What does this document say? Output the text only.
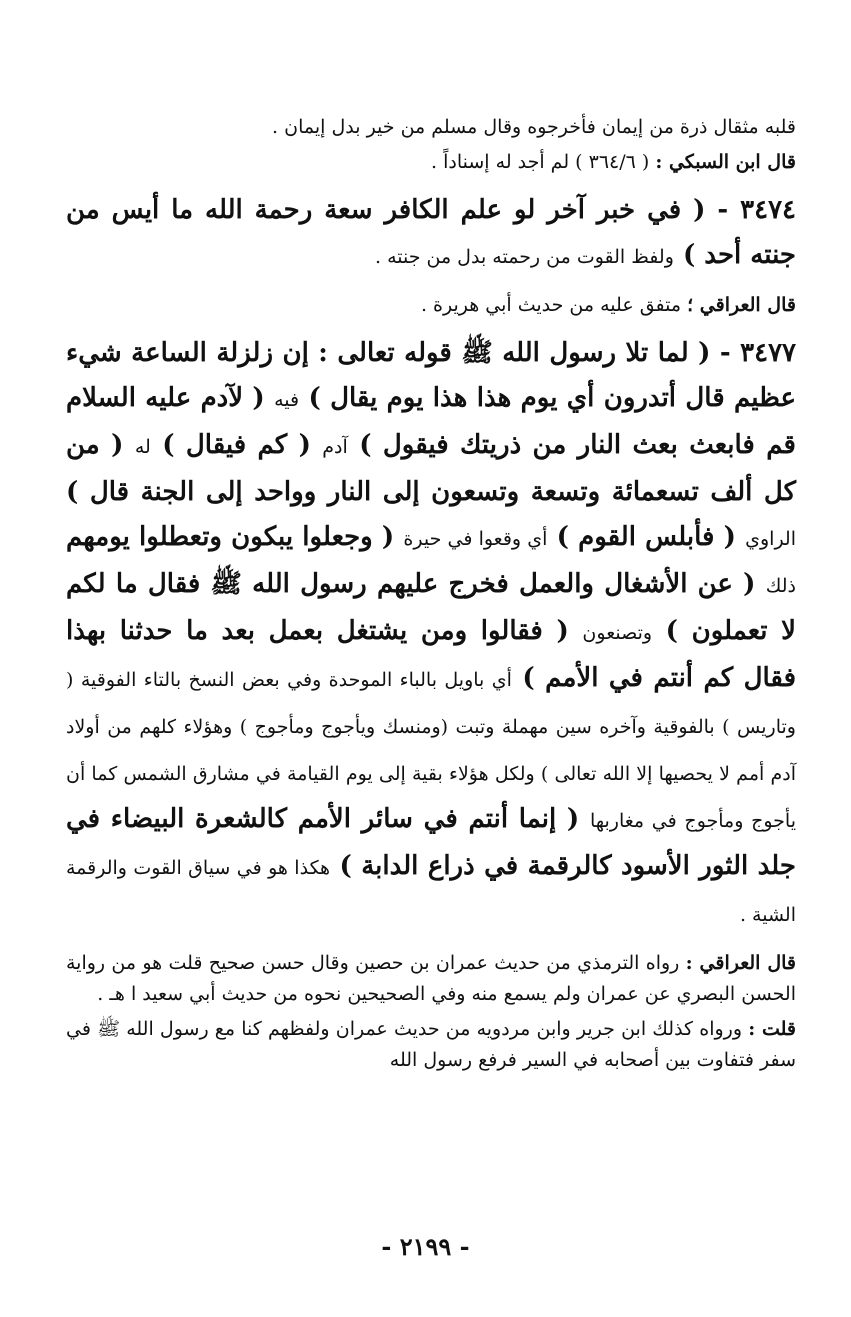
قلبه مثقال ذرة من إيمان فأخرجوه وقال مسلم من خير بدل إيمان .

قال ابن السبكي : ( ٣٦٤/٦ ) لم أجد له إسناداً .

٣٤٧٤ - ( في خبر آخر لو علم الكافر سعة رحمة الله ما أيس من جنته أحد ) ولفظ القوت من رحمته بدل من جنته .

قال العراقي ؛ متفق عليه من حديث أبي هريرة .

٣٤٧٧ - ( لما تلا رسول الله ﷺ قوله تعالى : إن زلزلة الساعة شيء عظيم قال أتدرون أي يوم هذا هذا يوم يقال ) فيه ( لآدم عليه السلام قم فابعث بعث النار من ذريتك فيقول ) آدم ( كم فيقال ) له ( من كل ألف تسعمائة وتسعة وتسعون إلى النار وواحد إلى الجنة قال ) الراوي ( فأبلس القوم ) أي وقعوا في حيرة ( وجعلوا يبكون وتعطلوا يومهم ذلك ( عن الأشغال والعمل فخرج عليهم رسول الله ﷺ فقال ما لكم لا تعملون ) وتصنعون ( فقالوا ومن يشتغل بعمل بعد ما حدثنا بهذا فقال كم أنتم في الأمم ) أي باويل بالباء الموحدة وفي بعض النسخ بالتاء الفوقية ( وتاريس ) بالفوقية وآخره سين مهملة وتبت (ومنسك ويأجوج ومأجوج ) وهؤلاء كلهم من أولاد آدم أمم لا يحصيها إلا الله تعالى ) ولكل هؤلاء بقية إلى يوم القيامة في مشارق الشمس كما أن يأجوج ومأجوج في مغاربها ( إنما أنتم في سائر الأمم كالشعرة البيضاء في جلد الثور الأسود كالرقمة في ذراع الدابة ) هكذا هو في سياق القوت والرقمة الشية .

قال العراقي : رواه الترمذي من حديث عمران بن حصين وقال حسن صحيح قلت هو من رواية الحسن البصري عن عمران ولم يسمع منه وفي الصحيحين نحوه من حديث أبي سعيد ا هـ .

قلت : ورواه كذلك ابن جرير وابن مردويه من حديث عمران ولفظهم كنا مع رسول الله ﷺ في سفر فتفاوت بين أصحابه في السير فرفع رسول الله

- ٢١٩٩ -
